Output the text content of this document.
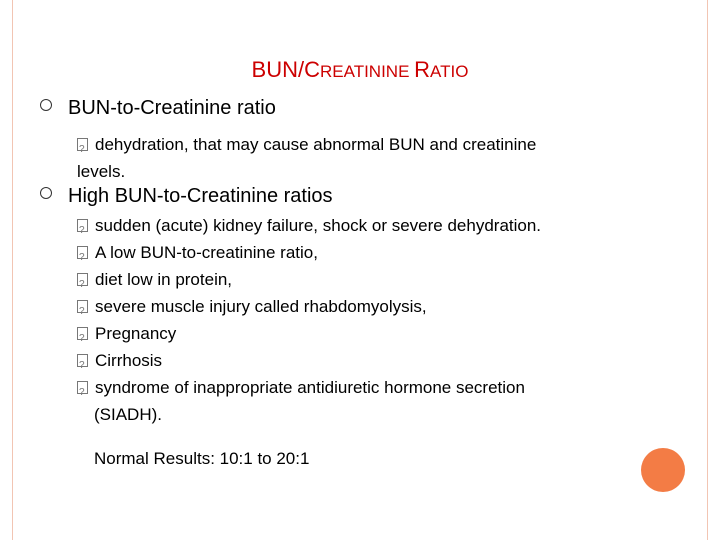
BUN/CREATININE RATIO
BUN-to-Creatinine ratio
?dehydration, that may cause abnormal BUN and creatinine
levels.
High BUN-to-Creatinine ratios
?sudden (acute) kidney failure, shock or severe dehydration.
?A low BUN-to-creatinine ratio,
?diet low in protein,
?severe muscle injury called rhabdomyolysis,
?Pregnancy
?Cirrhosis
?syndrome of inappropriate antidiuretic hormone secretion
(SIADH).
Normal Results: 10:1 to 20:1
